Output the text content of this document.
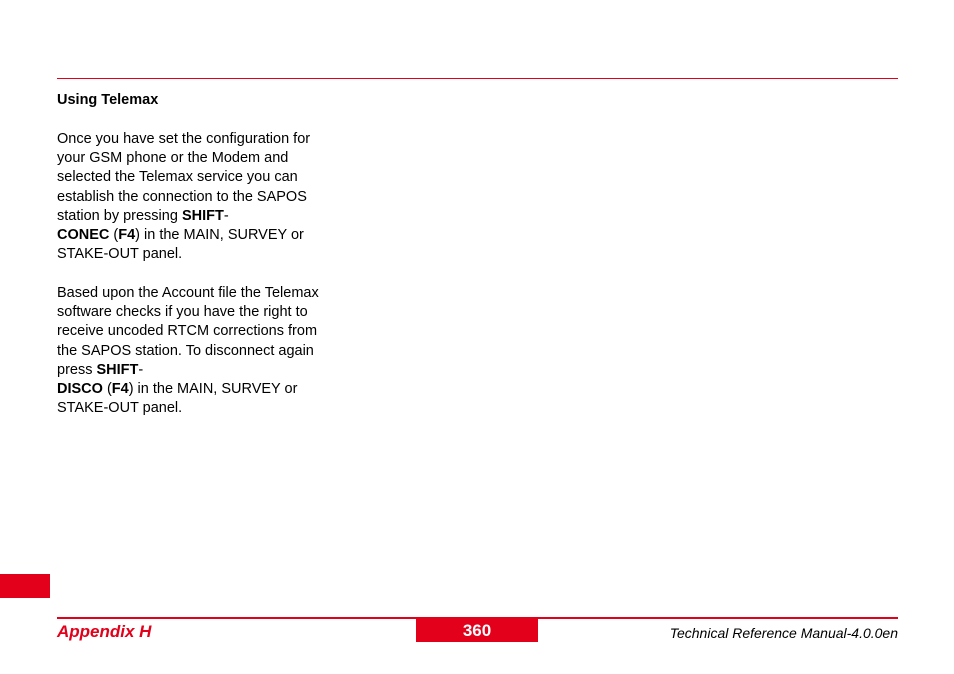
Using Telemax
Once you have set the configuration for your GSM phone or the Modem and selected the Telemax service you can establish the connection to the SAPOS station by pressing SHIFT-
CONEC (F4) in the MAIN, SURVEY or STAKE-OUT panel.
Based upon the Account file the Telemax software checks if you have the right to receive uncoded RTCM corrections from the SAPOS station. To disconnect again press SHIFT-
DISCO (F4) in the MAIN, SURVEY or STAKE-OUT panel.
Appendix H	360	Technical Reference Manual-4.0.0en
